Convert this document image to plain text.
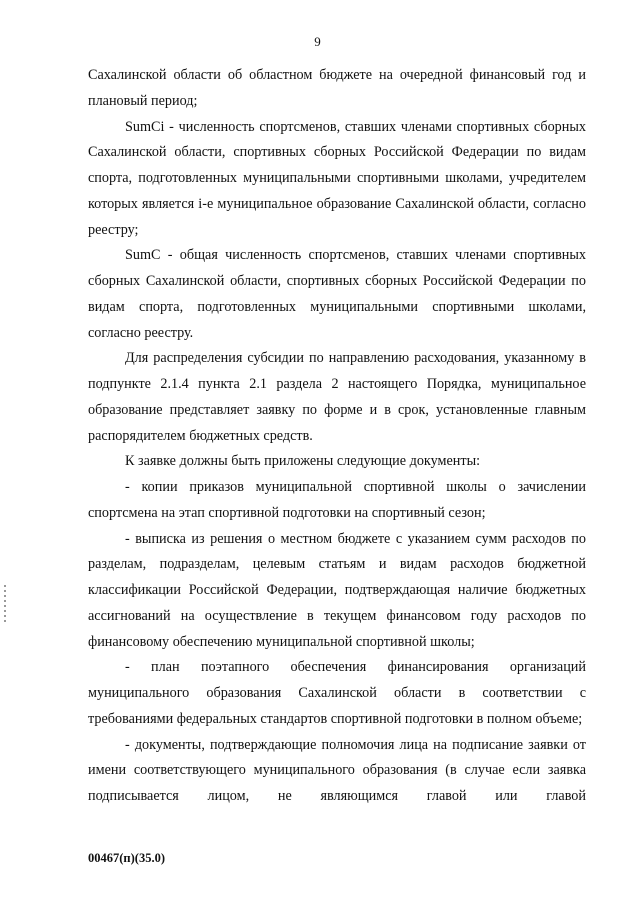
9

Сахалинской области об областном бюджете на очередной финансовый год и плановый период;

SumCi - численность спортсменов, ставших членами спортивных сборных Сахалинской области, спортивных сборных Российской Федерации по видам спорта, подготовленных муниципальными спортивными школами, учредителем которых является i-е муниципальное образование Сахалинской области, согласно реестру;

SumC - общая численность спортсменов, ставших членами спортивных сборных Сахалинской области, спортивных сборных Российской Федерации по видам спорта, подготовленных муниципальными спортивными школами, согласно реестру.

Для распределения субсидии по направлению расходования, указанному в подпункте 2.1.4 пункта 2.1 раздела 2 настоящего Порядка, муниципальное образование представляет заявку по форме и в срок, установленные главным распорядителем бюджетных средств.

К заявке должны быть приложены следующие документы:

- копии приказов муниципальной спортивной школы о зачислении спортсмена на этап спортивной подготовки на спортивный сезон;

- выписка из решения о местном бюджете с указанием сумм расходов по разделам, подразделам, целевым статьям и видам расходов бюджетной классификации Российской Федерации, подтверждающая наличие бюджетных ассигнований на осуществление в текущем финансовом году расходов по финансовому обеспечению муниципальной спортивной школы;

- план поэтапного обеспечения финансирования организаций муниципального образования Сахалинской области в соответствии с требованиями федеральных стандартов спортивной подготовки в полном объеме;

- документы, подтверждающие полномочия лица на подписание заявки от имени соответствующего муниципального образования (в случае если заявка подписывается лицом, не являющимся главой или главой

00467(п)(35.0)
